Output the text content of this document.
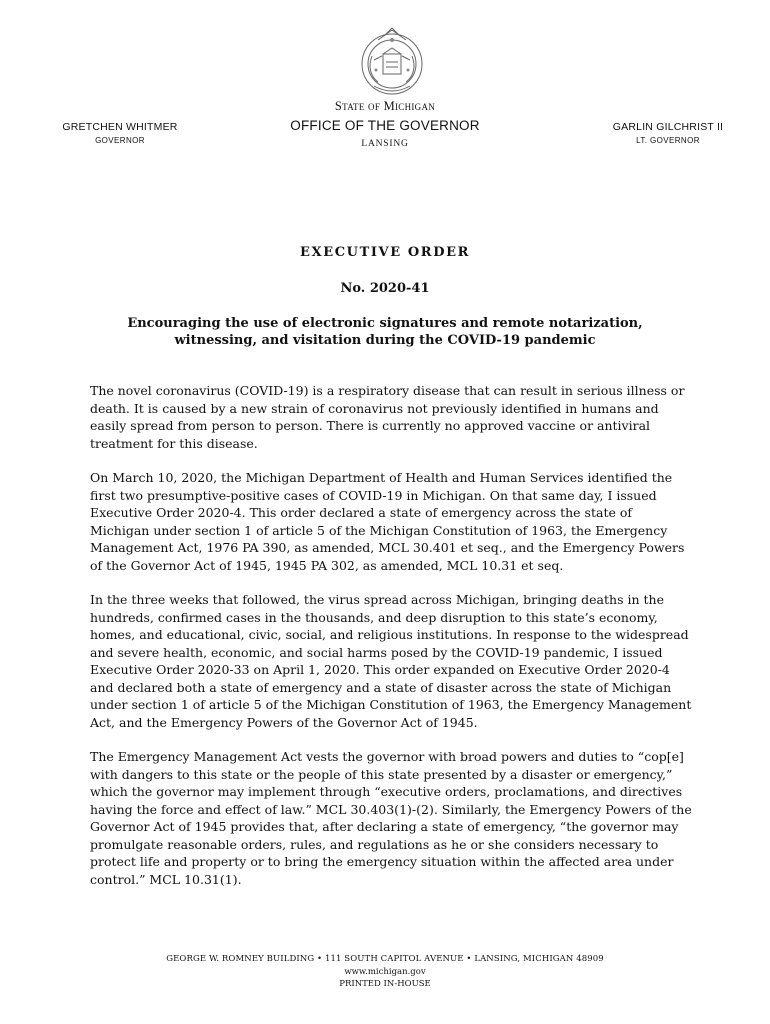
State of Michigan
OFFICE OF THE GOVERNOR
LANSING
GRETCHEN WHITMER
GOVERNOR
GARLIN GILCHRIST II
LT. GOVERNOR
EXECUTIVE ORDER
No. 2020-41
Encouraging the use of electronic signatures and remote notarization, witnessing, and visitation during the COVID-19 pandemic

The novel coronavirus (COVID-19) is a respiratory disease that can result in serious illness or death. It is caused by a new strain of coronavirus not previously identified in humans and easily spread from person to person. There is currently no approved vaccine or antiviral treatment for this disease.

On March 10, 2020, the Michigan Department of Health and Human Services identified the first two presumptive-positive cases of COVID-19 in Michigan. On that same day, I issued Executive Order 2020-4. This order declared a state of emergency across the state of Michigan under section 1 of article 5 of the Michigan Constitution of 1963, the Emergency Management Act, 1976 PA 390, as amended, MCL 30.401 et seq., and the Emergency Powers of the Governor Act of 1945, 1945 PA 302, as amended, MCL 10.31 et seq.

In the three weeks that followed, the virus spread across Michigan, bringing deaths in the hundreds, confirmed cases in the thousands, and deep disruption to this state’s economy, homes, and educational, civic, social, and religious institutions. In response to the widespread and severe health, economic, and social harms posed by the COVID-19 pandemic, I issued Executive Order 2020-33 on April 1, 2020. This order expanded on Executive Order 2020-4 and declared both a state of emergency and a state of disaster across the state of Michigan under section 1 of article 5 of the Michigan Constitution of 1963, the Emergency Management Act, and the Emergency Powers of the Governor Act of 1945.

The Emergency Management Act vests the governor with broad powers and duties to “cop[e] with dangers to this state or the people of this state presented by a disaster or emergency,” which the governor may implement through “executive orders, proclamations, and directives having the force and effect of law.” MCL 30.403(1)-(2). Similarly, the Emergency Powers of the Governor Act of 1945 provides that, after declaring a state of emergency, “the governor may promulgate reasonable orders, rules, and regulations as he or she considers necessary to protect life and property or to bring the emergency situation within the affected area under control.” MCL 10.31(1).

GEORGE W. ROMNEY BUILDING • 111 SOUTH CAPITOL AVENUE • LANSING, MICHIGAN 48909
www.michigan.gov
PRINTED IN-HOUSE
